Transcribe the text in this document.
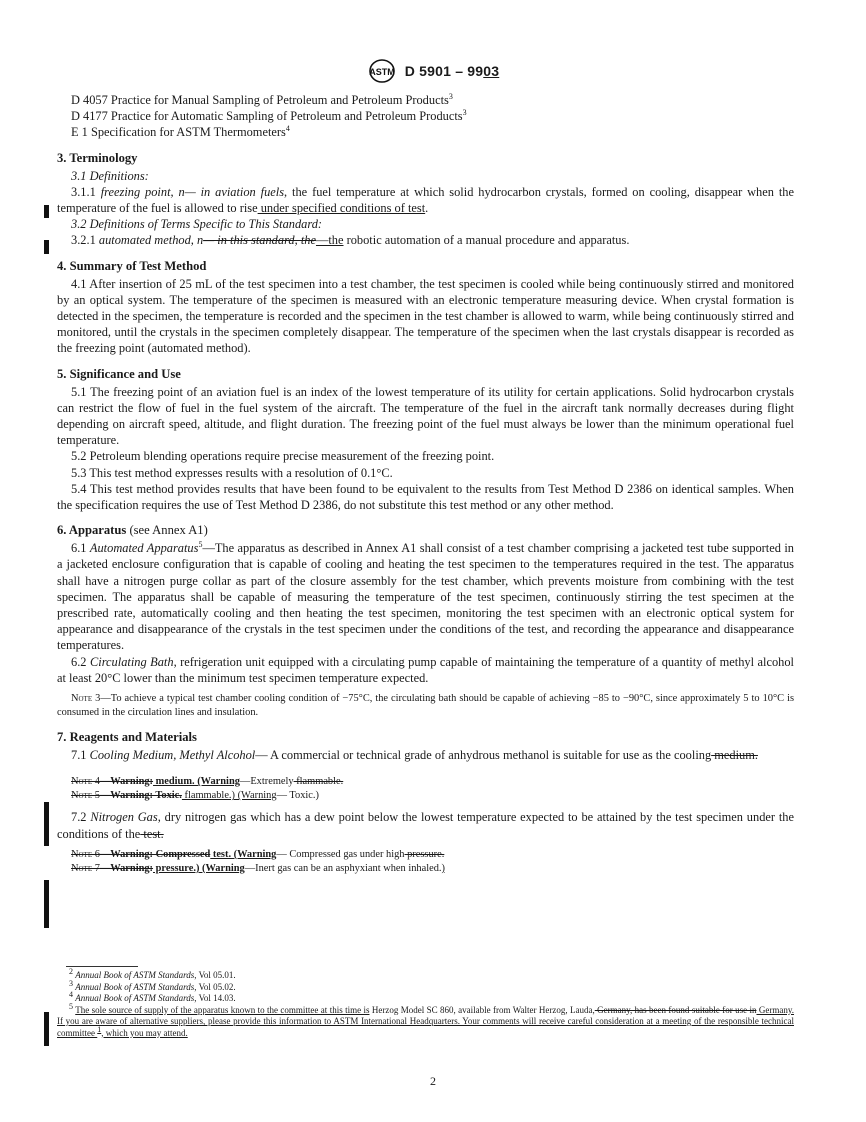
ASTM D 5901 – 9903
D 4057 Practice for Manual Sampling of Petroleum and Petroleum Products$^3$
D 4177 Practice for Automatic Sampling of Petroleum and Petroleum Products$^3$
E 1 Specification for ASTM Thermometers$^4$
3. Terminology

3.1 Definitions:

3.1.1 freezing point, n— in aviation fuels, the fuel temperature at which solid hydrocarbon crystals, formed on cooling, disappear when the temperature of the fuel is allowed to rise under specified conditions of test.

3.2 Definitions of Terms Specific to This Standard:

3.2.1 automated method, n— in this standard, the—the robotic automation of a manual procedure and apparatus.

4. Summary of Test Method

4.1 After insertion of 25 mL of the test specimen into a test chamber, the test specimen is cooled while being continuously stirred and monitored by an optical system. The temperature of the specimen is measured with an electronic temperature measuring device. When crystal formation is detected in the specimen, the temperature is recorded and the specimen in the test chamber is allowed to warm, while being continuously stirred and monitored, until the crystals in the specimen completely disappear. The temperature of the specimen when the last crystals disappear is recorded as the freezing point (automated method).

5. Significance and Use

5.1 The freezing point of an aviation fuel is an index of the lowest temperature of its utility for certain applications. Solid hydrocarbon crystals can restrict the flow of fuel in the fuel system of the aircraft. The temperature of the fuel in the aircraft tank normally decreases during flight depending on aircraft speed, altitude, and flight duration. The freezing point of the fuel must always be lower than the minimum operational fuel temperature.

5.2 Petroleum blending operations require precise measurement of the freezing point.

5.3 This test method expresses results with a resolution of 0.1°C.

5.4 This test method provides results that have been found to be equivalent to the results from Test Method D 2386 on identical samples. When the specification requires the use of Test Method D 2386, do not substitute this test method or any other method.

6. Apparatus (see Annex A1)

6.1 Automated Apparatus$^5$—The apparatus as described in Annex A1 shall consist of a test chamber comprising a jacketed test tube supported in a jacketed enclosure configuration that is capable of cooling and heating the test specimen to the temperatures required in the test. The apparatus shall have a nitrogen purge collar as part of the closure assembly for the test chamber, which prevents moisture from combining with the test specimen. The apparatus shall be capable of measuring the temperature of the test specimen, continuously stirring the test specimen at the prescribed rate, automatically cooling and then heating the test specimen, monitoring the test specimen with an electronic optical system for appearance and disappearance of the crystals in the test specimen under the conditions of the test, and recording the appearance and disappearance temperatures.

6.2 Circulating Bath, refrigeration unit equipped with a circulating pump capable of maintaining the temperature of a quantity of methyl alcohol at least 20°C lower than the minimum test specimen temperature expected.

Note 3—To achieve a typical test chamber cooling condition of −75°C, the circulating bath should be capable of achieving −85 to −90°C, since approximately 5 to 10°C is consumed in the circulation lines and insulation.
7. Reagents and Materials

7.1 Cooling Medium, Methyl Alcohol— A commercial or technical grade of anhydrous methanol is suitable for use as the cooling medium.

Note 4—Warning: medium. (Warning—Extremely flammable.
Note 5—Warning: Toxic. flammable.) (Warning— Toxic.)

7.2 Nitrogen Gas, dry nitrogen gas which has a dew point below the lowest temperature expected to be attained by the test specimen under the conditions of the test.

Note 6—Warning: Compressed test. (Warning— Compressed gas under high pressure.
Note 7—Warning: pressure.) (Warning—Inert gas can be an asphyxiant when inhaled.)
$^2$ Annual Book of ASTM Standards, Vol 05.01.
$^3$ Annual Book of ASTM Standards, Vol 05.02.
$^4$ Annual Book of ASTM Standards, Vol 14.03.
$^5$ The sole source of supply of the apparatus known to the committee at this time is Herzog Model SC 860, available from Walter Herzog, Lauda, Germany, has been found suitable for use in Germany. If you are aware of alternative suppliers, please provide this information to ASTM International Headquarters. Your comments will receive careful consideration at a meeting of the responsible technical committee $^1$, which you may attend.
2
